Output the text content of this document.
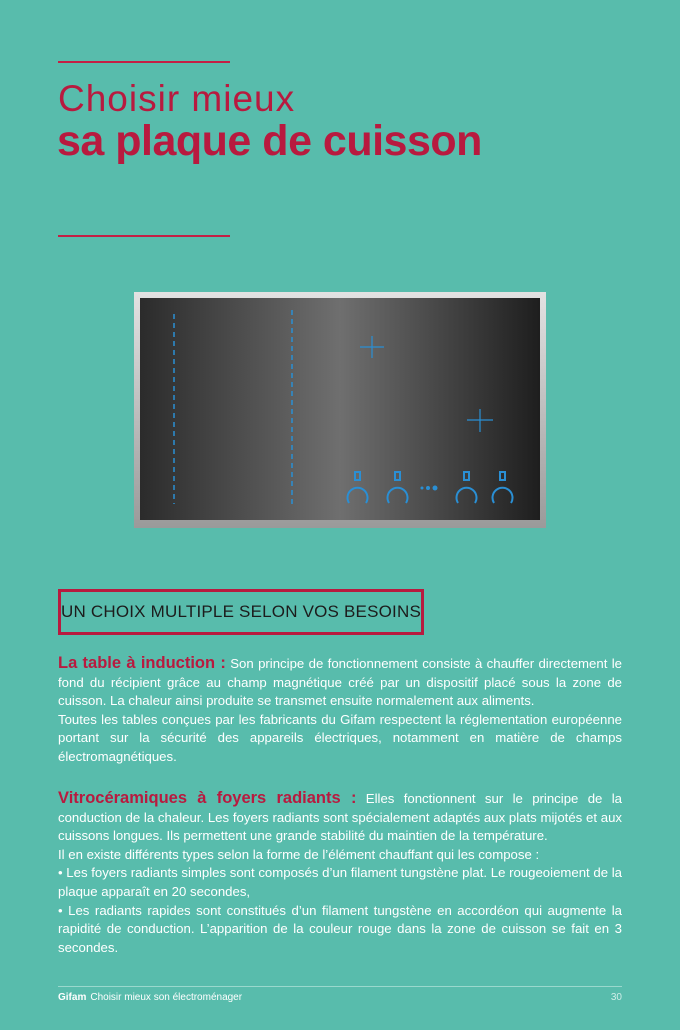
Choisir mieux
sa plaque de cuisson
UN CHOIX MULTIPLE SELON VOS BESOINS
La table à induction : Son principe de fonctionnement consiste à chauffer directement le fond du récipient grâce au champ magnétique créé par un dispositif placé sous la zone de cuisson. La chaleur ainsi produite se transmet ensuite normalement aux aliments.
Toutes les tables conçues par les fabricants du Gifam respectent la réglementation européenne portant sur la sécurité des appareils électriques, notamment en matière de champs électromagnétiques.
Vitrocéramiques à foyers radiants : Elles fonctionnent sur le principe de la conduction de la chaleur. Les foyers radiants sont spécialement adaptés aux plats mijotés et aux cuissons longues. Ils permettent une grande stabilité du maintien de la température.
Il en existe différents types selon la forme de l’élément chauffant qui les compose :
• Les foyers radiants simples sont composés d’un filament tungstène plat. Le rougeoiement de la plaque apparaît en 20 secondes,
• Les radiants rapides sont constitués d’un filament tungstène en accordéon qui augmente la rapidité de conduction. L’apparition de la couleur rouge dans la zone de cuisson se fait en 3 secondes.
Gifam Choisir mieux son électroménager	30
